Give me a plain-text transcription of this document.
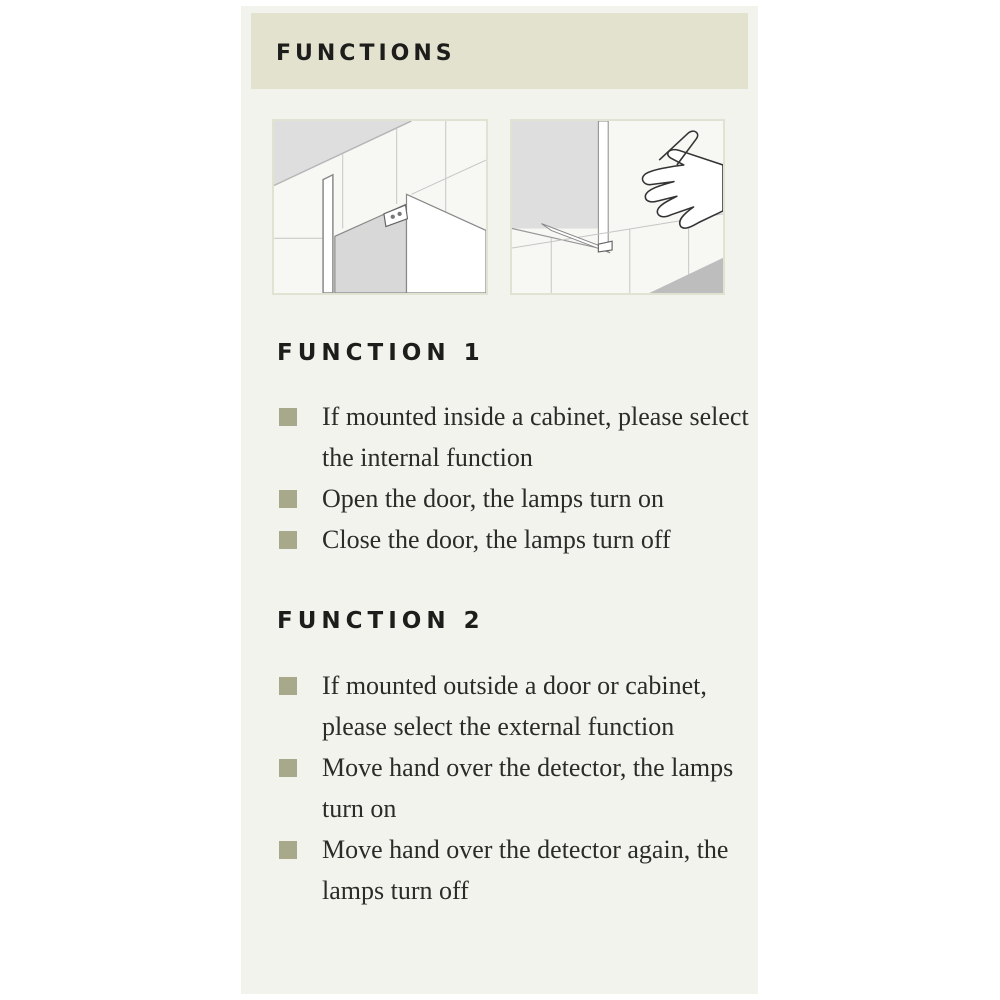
FUNCTIONS
FUNCTION 1
If mounted inside a cabinet, please select the internal function
Open the door, the lamps turn on
Close the door, the lamps turn off
FUNCTION 2
If mounted outside a door or cabinet, please select the external function
Move hand over the detector, the lamps turn on
Move hand over the detector again, the lamps turn off
